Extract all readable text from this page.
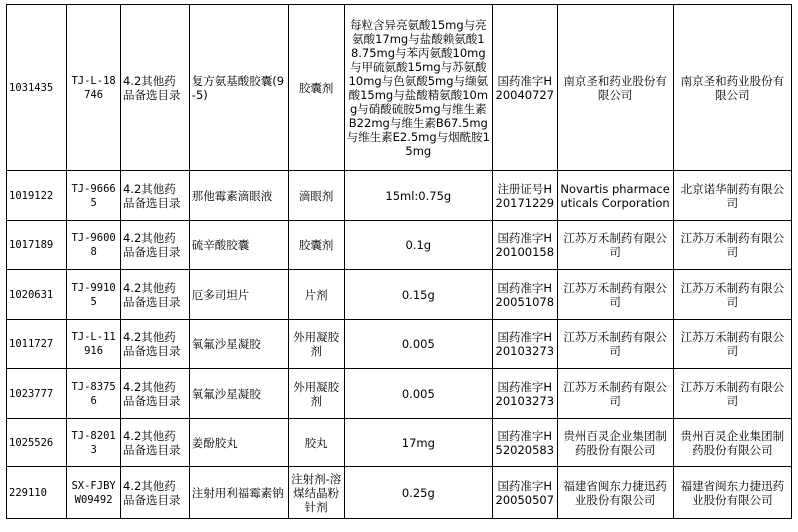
1031435	TJ-L-18746	4.2其他药品备选目录	复方氨基酸胶囊(9-5)	胶囊剂	每粒含异亮氨酸15mg与亮氨酸17mg与盐酸赖氨酸18.75mg与苯丙氨酸10mg与甲硫氨酸15mg与苏氨酸10mg与色氨酸5mg与缬氨酸15mg与盐酸精氨酸10mg与硝酸硫胺5mg与维生素B22mg与维生素B67.5mg与维生素E2.5mg与烟酰胺15mg	国药准字H20040727	南京圣和药业股份有限公司	南京圣和药业股份有限公司
1019122	TJ-96665	4.2其他药品备选目录	那他霉素滴眼液	滴眼剂	15ml:0.75g	注册证号H20171229	Novartis pharmaceuticals Corporation	北京诺华制药有限公司
1017189	TJ-96008	4.2其他药品备选目录	硫辛酸胶囊	胶囊剂	0.1g	国药准字H20100158	江苏万禾制药有限公司	江苏万禾制药有限公司
1020631	TJ-99105	4.2其他药品备选目录	厄多司坦片	片剂	0.15g	国药准字H20051078	江苏万禾制药有限公司	江苏万禾制药有限公司
1011727	TJ-L-11916	4.2其他药品备选目录	氧氟沙星凝胶	外用凝胶剂	0.005	国药准字H20103273	江苏万禾制药有限公司	江苏万禾制药有限公司
1023777	TJ-83756	4.2其他药品备选目录	氧氟沙星凝胶	外用凝胶剂	0.005	国药准字H20103273	江苏万禾制药有限公司	江苏万禾制药有限公司
1025526	TJ-82013	4.2其他药品备选目录	姜酚胶丸	胶丸	17mg	国药准字H52020583	贵州百灵企业集团制药股份有限公司	贵州百灵企业集团制药股份有限公司
229110	SX-FJBYW09492	4.2其他药品备选目录	注射用利福霉素钠	注射剂-溶煤结晶粉针剂	0.25g	国药准字H20050507	福建省闽东力捷迅药业股份有限公司	福建省闽东力捷迅药业股份有限公司
